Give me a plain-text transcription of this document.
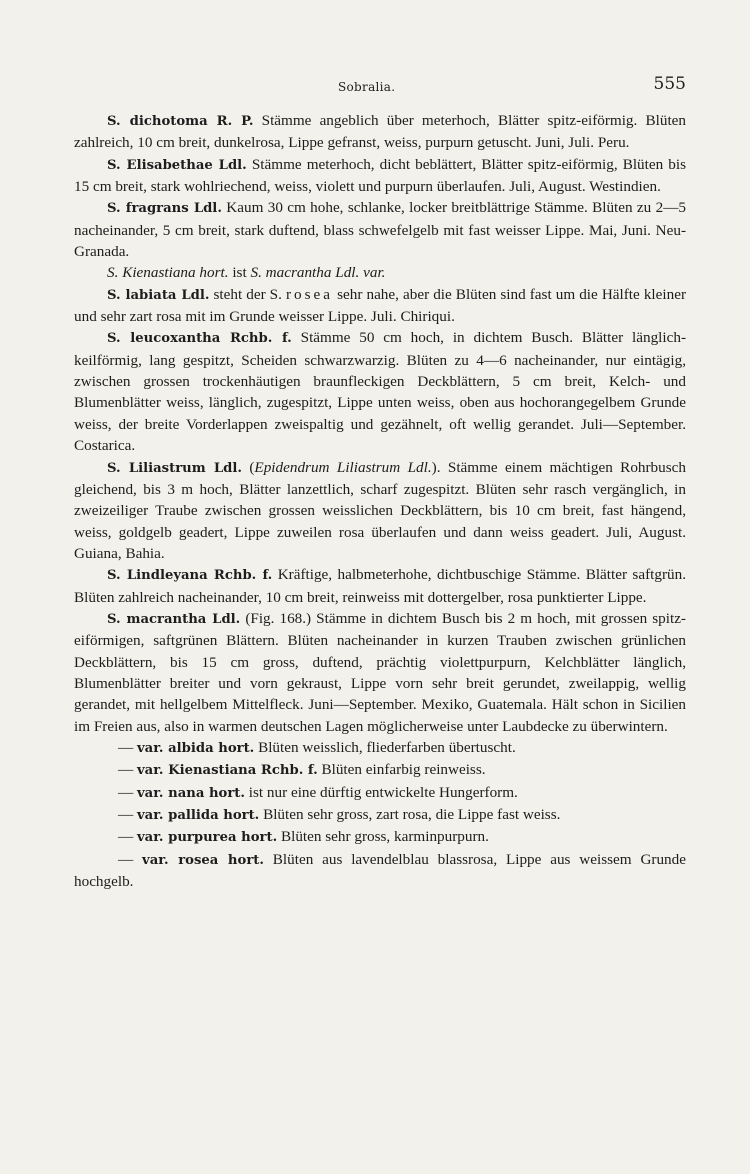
Sobralia.	555

S. dichotoma R. P. Stämme angeblich über meterhoch, Blätter spitz-eiförmig. Blüten zahlreich, 10 cm breit, dunkelrosa, Lippe gefranst, weiss, purpurn getuscht. Juni, Juli. Peru.

S. Elisabethae Ldl. Stämme meterhoch, dicht beblättert, Blätter spitz-eiförmig, Blüten bis 15 cm breit, stark wohlriechend, weiss, violett und purpurn überlaufen. Juli, August. Westindien.

S. fragrans Ldl. Kaum 30 cm hohe, schlanke, locker breitblättrige Stämme. Blüten zu 2—5 nacheinander, 5 cm breit, stark duftend, blass schwefelgelb mit fast weisser Lippe. Mai, Juni. Neu-Granada.

S. Kienastiana hort. ist S. macrantha Ldl. var.

S. labiata Ldl. steht der S. rosea sehr nahe, aber die Blüten sind fast um die Hälfte kleiner und sehr zart rosa mit im Grunde weisser Lippe. Juli. Chiriqui.

S. leucoxantha Rchb. f. Stämme 50 cm hoch, in dichtem Busch. Blätter länglich-keilförmig, lang gespitzt, Scheiden schwarzwarzig. Blüten zu 4—6 nacheinander, nur eintägig, zwischen grossen trockenhäutigen braunfleckigen Deckblättern, 5 cm breit, Kelch- und Blumenblätter weiss, länglich, zugespitzt, Lippe unten weiss, oben aus hochorangegelbem Grunde weiss, der breite Vorderlappen zweispaltig und gezähnelt, oft wellig gerandet. Juli—September. Costarica.

S. Liliastrum Ldl. (Epidendrum Liliastrum Ldl.). Stämme einem mächtigen Rohrbusch gleichend, bis 3 m hoch, Blätter lanzettlich, scharf zugespitzt. Blüten sehr rasch vergänglich, in zweizeiliger Traube zwischen grossen weisslichen Deckblättern, bis 10 cm breit, fast hängend, weiss, goldgelb geadert, Lippe zuweilen rosa überlaufen und dann weiss geadert. Juli, August. Guiana, Bahia.

S. Lindleyana Rchb. f. Kräftige, halbmeterhohe, dichtbuschige Stämme. Blätter saftgrün. Blüten zahlreich nacheinander, 10 cm breit, reinweiss mit dottergelber, rosa punktierter Lippe.

S. macrantha Ldl. (Fig. 168.) Stämme in dichtem Busch bis 2 m hoch, mit grossen spitz-eiförmigen, saftgrünen Blättern. Blüten nacheinander in kurzen Trauben zwischen grünlichen Deckblättern, bis 15 cm gross, duftend, prächtig violettpurpurn, Kelchblätter länglich, Blumenblätter breiter und vorn gekraust, Lippe vorn sehr breit gerundet, zweilappig, wellig gerandet, mit hellgelbem Mittelfleck. Juni—September. Mexiko, Guatemala. Hält schon in Sicilien im Freien aus, also in warmen deutschen Lagen möglicherweise unter Laubdecke zu überwintern.

— var. albida hort. Blüten weisslich, fliederfarben übertuscht.

— var. Kienastiana Rchb. f. Blüten einfarbig reinweiss.

— var. nana hort. ist nur eine dürftig entwickelte Hungerform.

— var. pallida hort. Blüten sehr gross, zart rosa, die Lippe fast weiss.

— var. purpurea hort. Blüten sehr gross, karminpurpurn.

— var. rosea hort. Blüten aus lavendelblau blassrosa, Lippe aus weissem Grunde hochgelb.
